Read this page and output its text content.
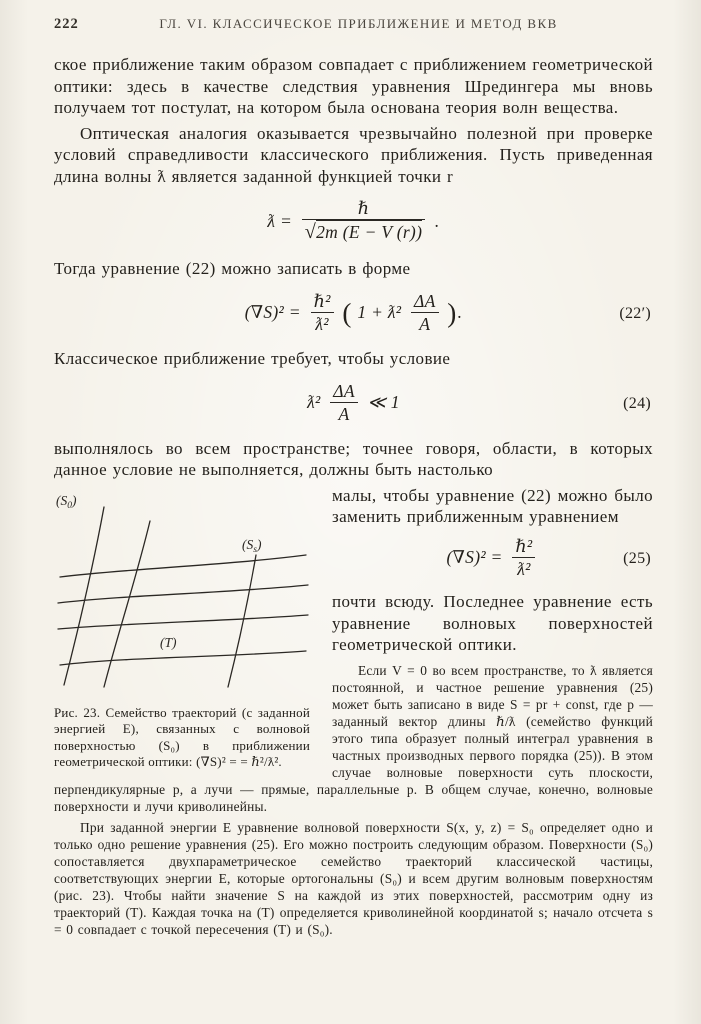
222	ГЛ. VI. КЛАССИЧЕСКОЕ ПРИБЛИЖЕНИЕ И МЕТОД ВКВ

ское приближение таким образом совпадает с приближением геометрической оптики: здесь в качестве следствия уравнения Шредингера мы вновь получаем тот постулат, на котором была основана теория волн вещества.

Оптическая аналогия оказывается чрезвычайно полезной при проверке условий справедливости классического приближения. Пусть приведенная длина волны ƛ является заданной функцией точки r

ƛ = $\frac{\text{ℏ}}{√2m (E - V (r))}$ .

Тогда уравнение (22) можно записать в форме

$(\nabla S)^2 = \frac{\text{ℏ²}}{\text{ƛ²}}$ ( 1 + ƛ² $\frac{\Delta A}{A}$ ).	(22′)

Классическое приближение требует, чтобы условие

ƛ² $\frac{\Delta A}{A}$ ≪ 1	(24)

выполнялось во всем пространстве; точнее говоря, области, в которых данное условие не выполняется, должны быть настолько

$(S_0)$
$(S_s)$
(T)
Рис. 23. Семейство траекторий (с заданной энергией E), связанных с волновой поверхностью (S₀) в приближении геометрической оптики: (∇S)² = = ℏ²/ƛ².

малы, чтобы уравнение (22) можно было заменить приближенным уравнением

$(\nabla S)^2 = \frac{\text{ℏ²}}{\text{ƛ²}}$	(25)

почти всюду. Последнее уравнение есть уравнение волновых поверхностей геометрической оптики.

Если V = 0 во всем пространстве, то ƛ является постоянной, и частное решение уравнения (25) может быть записано в виде S = pr + const, где p — заданный вектор длины ℏ/ƛ (семейство функций этого типа образует полный интеграл уравнения в частных производных первого порядка (25)). В этом случае волновые поверхности суть плоскости, перпендикулярные p, а лучи — прямые, параллельные p. В общем случае, конечно, волновые поверхности и лучи криволинейны.

При заданной энергии E уравнение волновой поверхности S(x, y, z) = S₀ определяет одно и только одно решение уравнения (25). Его можно построить следующим образом. Поверхности (S₀) сопоставляется двухпараметрическое семейство траекторий классической частицы, соответствующих энергии E, которые ортогональны (S₀) и всем другим волновым поверхностям (рис. 23). Чтобы найти значение S на каждой из этих поверхностей, рассмотрим одну из траекторий (T). Каждая точка на (T) определяется криволинейной координатой s; начало отсчета s = 0 совпадает с точкой пересечения (T) и (S₀).
